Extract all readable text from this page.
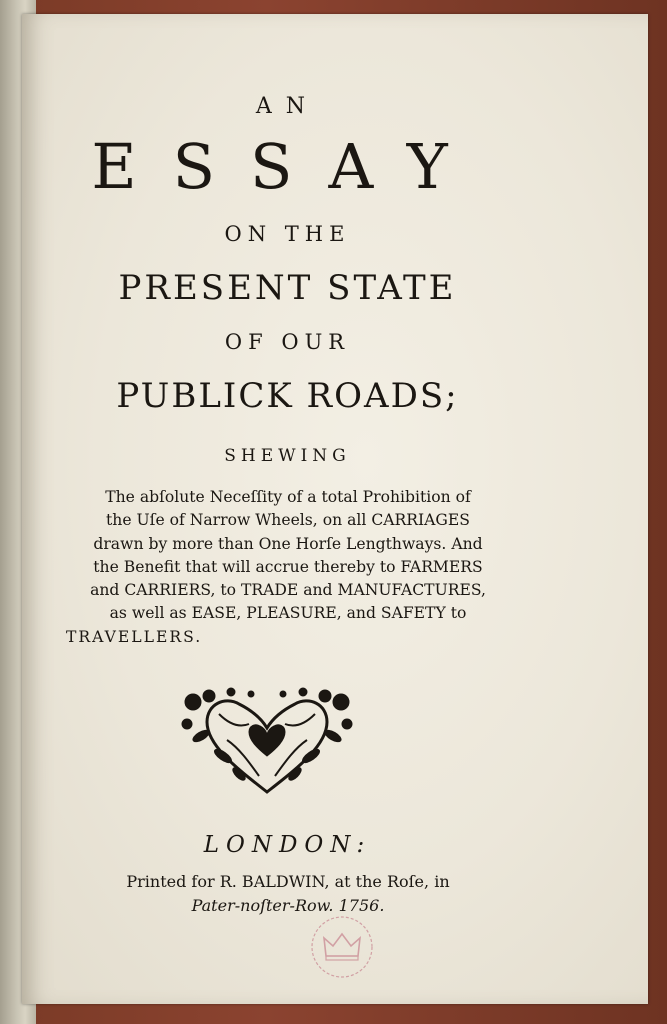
AN
ESSAY
ON THE
PRESENT STATE
OF OUR
PUBLICK ROADS;
SHEWING
The abſolute Neceſſity of a total Prohibition of
the Uſe of Narrow Wheels, on all CARRIAGES
drawn by more than One Horſe Lengthways. And
the Benefit that will accrue thereby to FARMERS
and CARRIERS, to TRADE and MANUFACTURES,
as well as EASE, PLEASURE, and SAFETY to
TRAVELLERS.
LONDON:
Printed for R. BALDWIN, at the Roſe, in
Pater-noſter-Row. 1756.
